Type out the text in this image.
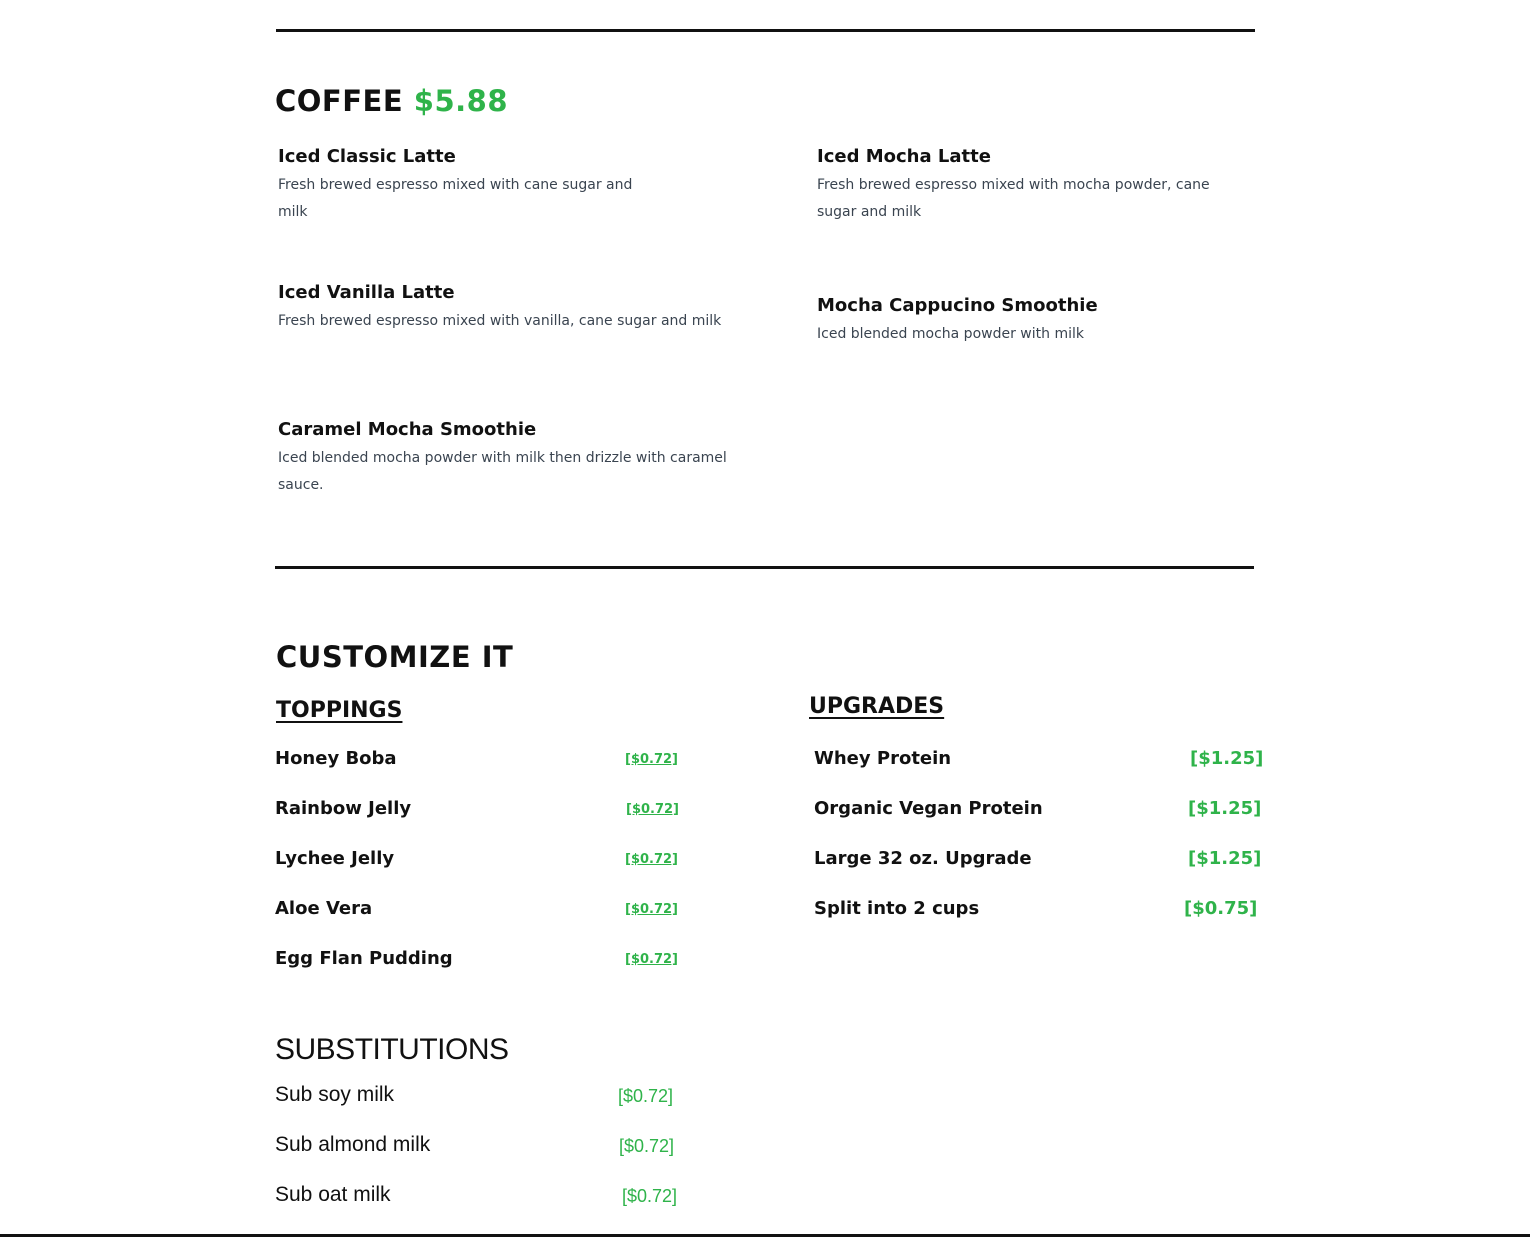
COFFEE $5.88
Iced Classic Latte
Fresh brewed espresso mixed with cane sugar and milk
Iced Mocha Latte
Fresh brewed espresso mixed with mocha powder, cane sugar and milk
Iced Vanilla Latte
Fresh brewed espresso mixed with vanilla, cane sugar and milk
Mocha Cappucino Smoothie
Iced blended mocha powder with milk
Caramel Mocha Smoothie
Iced blended mocha powder with milk then drizzle with caramel sauce.
CUSTOMIZE IT
TOPPINGS
Honey Boba	[$0.72]
Rainbow Jelly	[$0.72]
Lychee Jelly	[$0.72]
Aloe Vera	[$0.72]
Egg Flan Pudding	[$0.72]
UPGRADES
Whey Protein	[$1.25]
Organic Vegan Protein	[$1.25]
Large 32 oz. Upgrade	[$1.25]
Split into 2 cups	[$0.75]
SUBSTITUTIONS
Sub soy milk	[$0.72]
Sub almond milk	[$0.72]
Sub oat milk	[$0.72]
